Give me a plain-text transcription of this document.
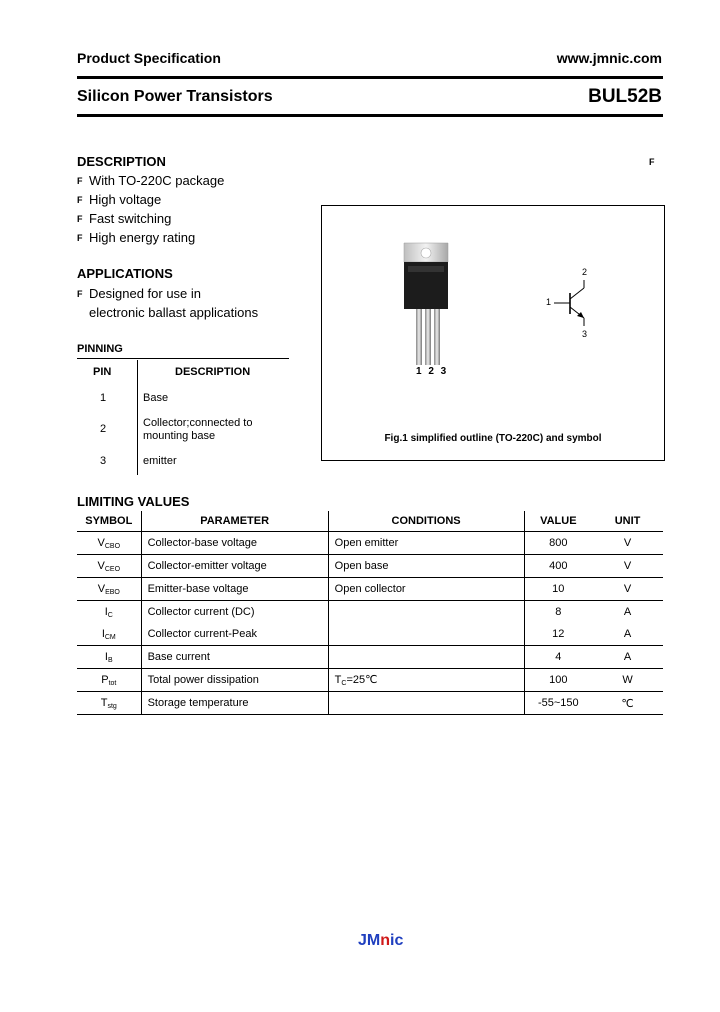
Product Specification	www.jmnic.com
Silicon Power Transistors	BUL52B
F
DESCRIPTION
F With TO-220C package
F High voltage
F Fast switching
F High energy rating
APPLICATIONS
F Designed for use in
electronic ballast applications
PINNING
PIN	DESCRIPTION
1	Base
2	Collector;connected to
mounting base
3	emitter
1 2 3
2
1
3
Fig.1 simplified outline (TO-220C) and symbol
LIMITING VALUES
SYMBOL	PARAMETER	CONDITIONS	VALUE	UNIT
$V_{CBO}$	Collector-base voltage	Open emitter	800	V
$V_{CEO}$	Collector-emitter voltage	Open base	400	V
$V_{EBO}$	Emitter-base voltage	Open collector	10	V
$I_C$	Collector current (DC)		8	A
$I_{CM}$	Collector current-Peak		12	A
$I_B$	Base current		4	A
$P_{tot}$	Total power dissipation	$T_C=25℃$	100	W
$T_{stg}$	Storage temperature		-55~150	℃
JMnic
